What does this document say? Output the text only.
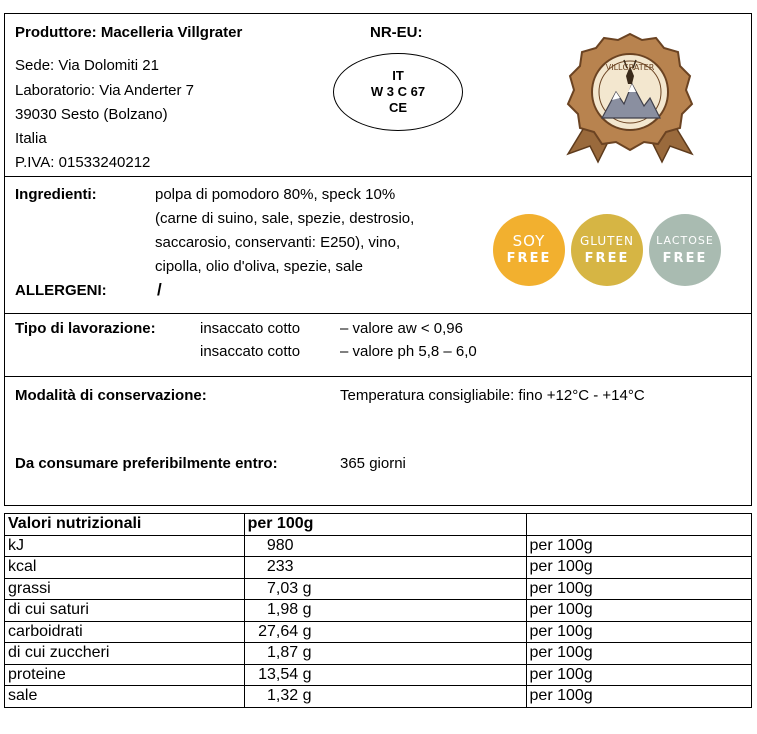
Produttore: Macelleria Villgrater	NR-EU:
Sede: Via Dolomiti 21
Laboratorio: Via Anderter 7
39030 Sesto (Bolzano)
Italia
P.IVA: 01533240212
IT
W 3 C 67
CE
VILLGRATER
Ingredienti:	polpa di pomodoro 80%, speck 10%
(carne di suino, sale, spezie, destrosio,
saccarosio, conservanti: E250), vino,
cipolla, olio d'oliva, spezie, sale
ALLERGENI:	/
SOY
FREE
GLUTEN
FREE
LACTOSE
FREE
Tipo di lavorazione:	insaccato cotto	– valore aw < 0,96
insaccato cotto	– valore ph 5,8 – 6,0
Modalità di conservazione:	Temperatura consigliabile: fino +12°C - +14°C
Da consumare preferibilmente entro:	365 giorni
Valori nutrizionali	per 100g	
kJ	980	per 100g
kcal	233	per 100g
grassi	7,03 g	per 100g
di cui saturi	1,98 g	per 100g
carboidrati	27,64 g	per 100g
di cui zuccheri	1,87 g	per 100g
proteine	13,54 g	per 100g
sale	1,32 g	per 100g
